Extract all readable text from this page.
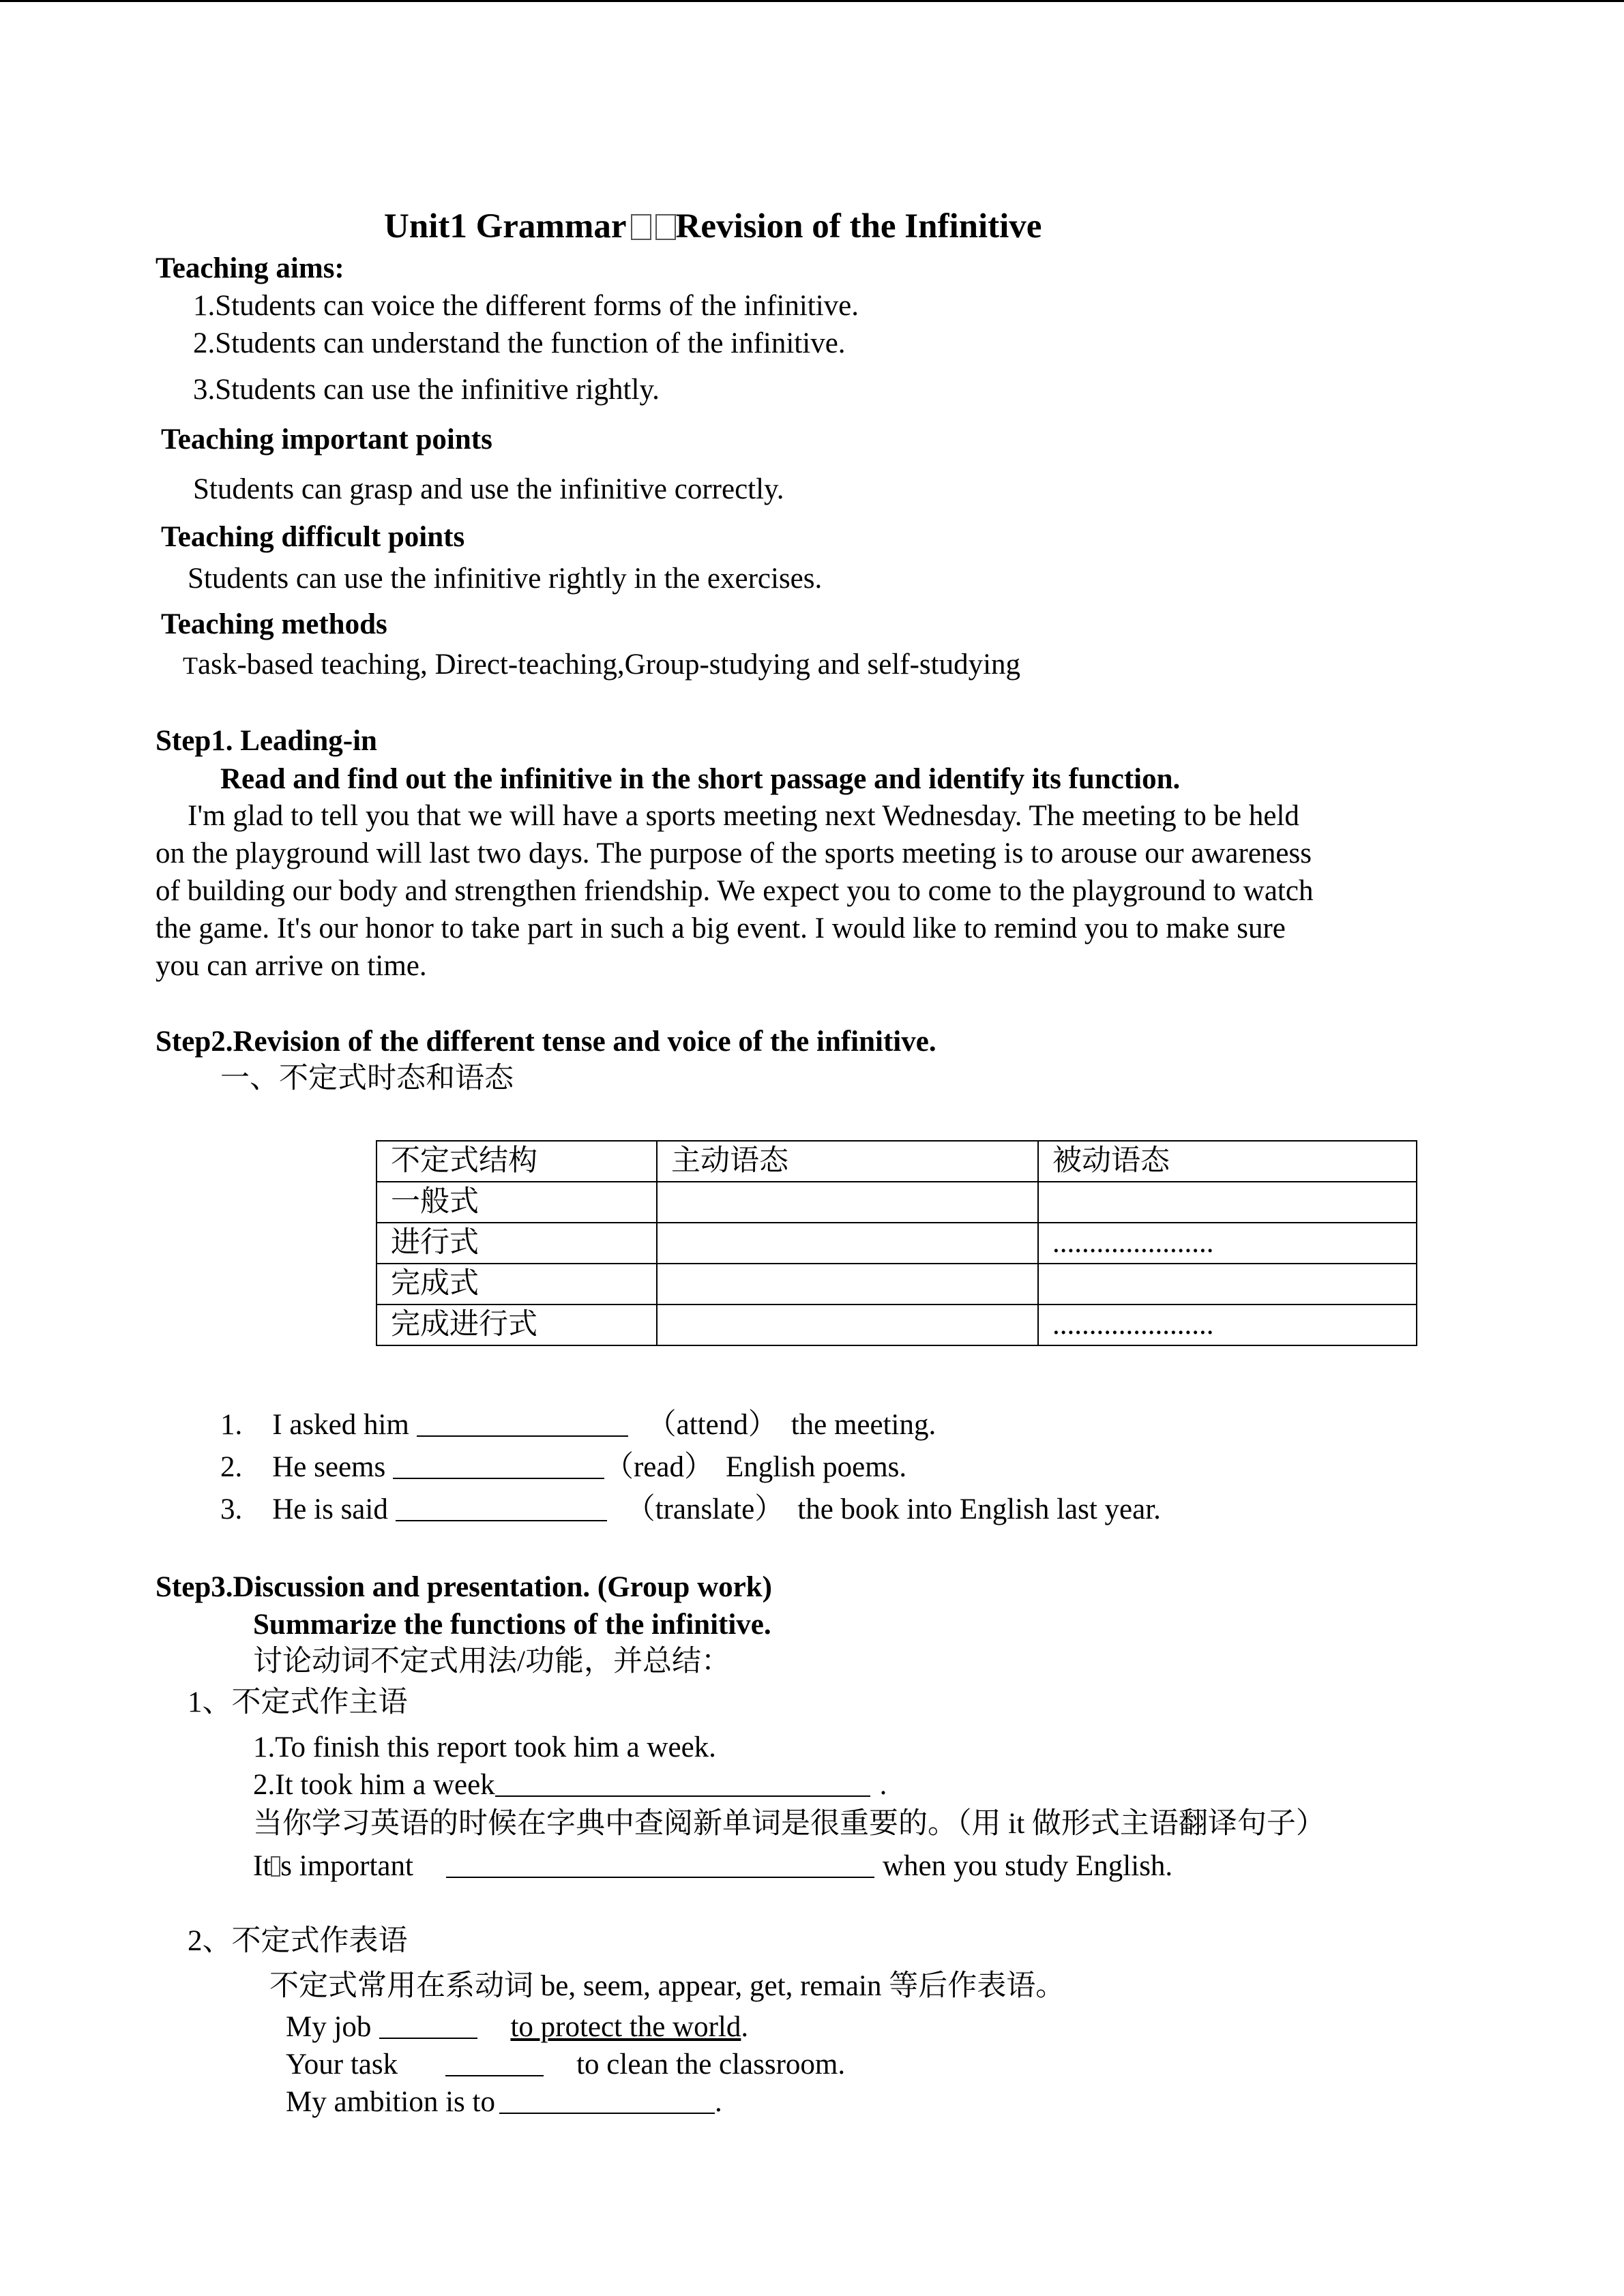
Unit1 Grammar Revision of the Infinitive
Teaching aims:
1.Students can voice the different forms of the infinitive.
2.Students can understand the function of the infinitive.
3.Students can use the infinitive rightly.
Teaching important points
Students can grasp and use the infinitive correctly.
Teaching difficult points
Students can use the infinitive rightly in the exercises.
Teaching methods
Task-based teaching, Direct-teaching,Group-studying and self-studying
Step1. Leading-in
Read and find out the infinitive in the short passage and identify its function.
I'm glad to tell you that we will have a sports meeting next Wednesday. The meeting to be held
on the playground will last two days. The purpose of the sports meeting is to arouse our awareness
of building our body and strengthen friendship. We expect you to come to the playground to watch
the game. It's our honor to take part in such a big event. I would like to remind you to make sure
you can arrive on time.
Step2.Revision of the different tense and voice of the infinitive.
一、不定式时态和语态
不定式结构	主动语态	被动语态
一般式		
进行式		......................
完成式		
完成进行式		......................
1. I asked him	（attend） the meeting.
2. He seems	（read） English poems.
3. He is said	（translate） the book into English last year.
Step3.Discussion and presentation. (Group work)
Summarize the functions of the infinitive.
讨论动词不定式用法/功能，并总结：
1、不定式作主语
1.To finish this report took him a week.
2.It took him a week	.
当你学习英语的时候在字典中查阅新单词是很重要的。（用 it 做形式主语翻译句子）
It s important	when you study English.
2、不定式作表语
不定式常用在系动词 be, seem, appear, get, remain 等后作表语。
My job	to protect the world.
Your task	to clean the classroom.
My ambition is to	.
